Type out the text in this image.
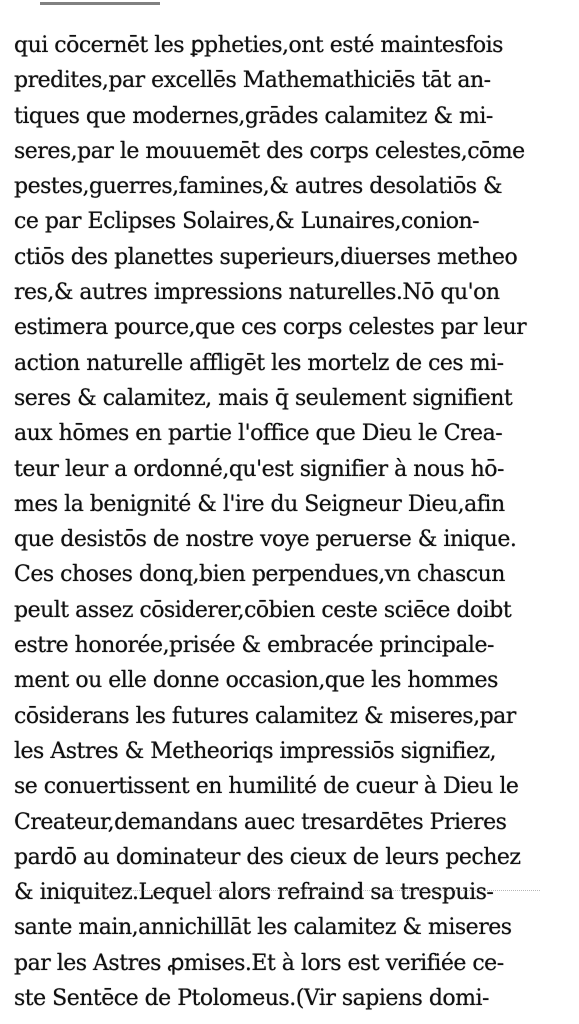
qui cōcernēt les ꝑpheties,ont esté maintesfois
predites,par excellēs Mathemathiciēs tāt an-
tiques que modernes,grādes calamitez & mi-
seres,par le mouuemēt des corps celestes,cōme
pestes,guerres,famines,& autres desolatiōs &
ce par Eclipses Solaires,& Lunaires,conion-
ctiōs des planettes superieurs,diuerses metheo
res,& autres impressions naturelles.Nō qu'on
estimera pource,que ces corps celestes par leur
action naturelle affligēt les mortelz de ces mi-
seres & calamitez, mais q̄ seulement signifient
aux hōmes en partie l'office que Dieu le Crea-
teur leur a ordonné,qu'est signifier à nous hō-
mes la benignité & l'ire du Seigneur Dieu,afin
que desistōs de nostre voye peruerse & inique.
Ces choses donq,bien perpendues,vn chascun
peult assez cōsiderer,cōbien ceste sciēce doibt
estre honorée,prisée & embracée principale-
ment ou elle donne occasion,que les hommes
cōsiderans les futures calamitez & miseres,par
les Astres & Metheoriqs impressiōs signifiez,
se conuertissent en humilité de cueur à Dieu le
Createur,demandans auec tresardētes Prieres
pardō au dominateur des cieux de leurs pechez
& iniquitez.Lequel alors refraind sa trespuis-
sante main,annichillāt les calamitez & miseres
par les Astres ꝓmises.Et à lors est verifiée ce-
ste Sentēce de Ptolomeus.(Vir sapiens domi-
